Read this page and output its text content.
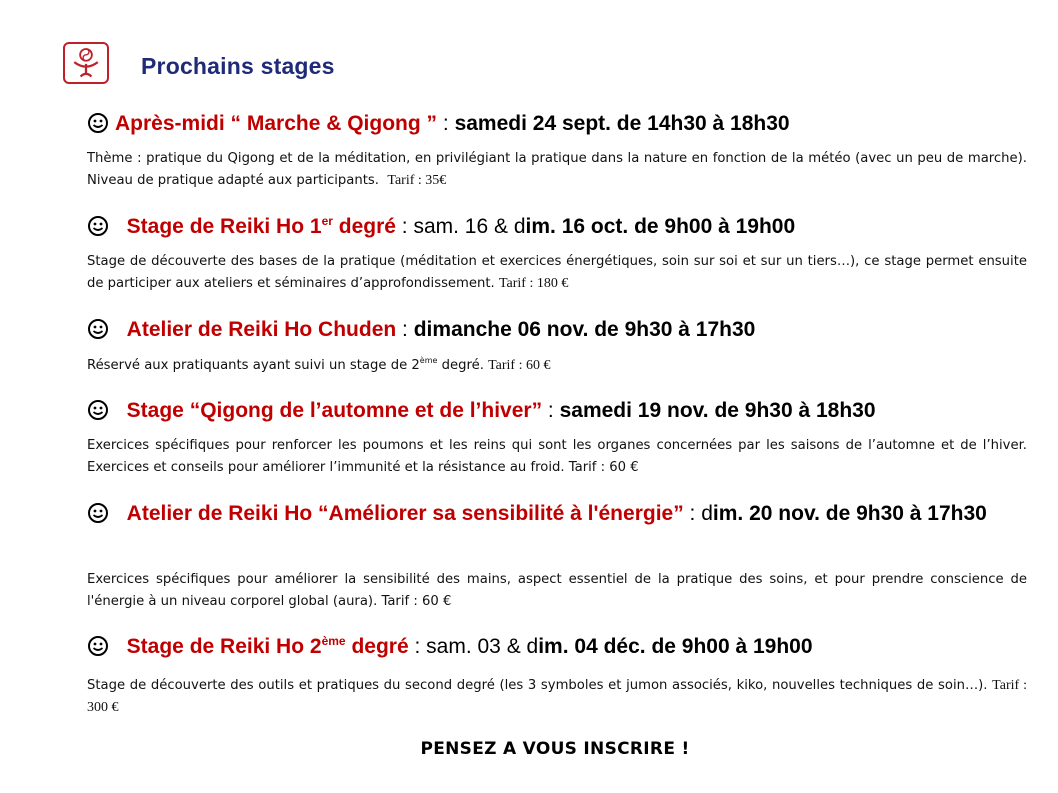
Prochains stages
Après-midi “ Marche & Qigong ” : samedi 24 sept. de 14h30 à 18h30
Thème : pratique du Qigong et de la méditation, en privilégiant la pratique dans la nature en fonction de la météo (avec un peu de marche). Niveau de pratique adapté aux participants. Tarif : 35€
Stage de Reiki Ho 1er degré : sam. 16 & dim. 16 oct. de 9h00 à 19h00
Stage de découverte des bases de la pratique (méditation et exercices énergétiques, soin sur soi et sur un tiers…), ce stage permet ensuite de participer aux ateliers et séminaires d’approfondissement. Tarif : 180 €
Atelier de Reiki Ho Chuden : dimanche 06 nov. de 9h30 à 17h30
Réservé aux pratiquants ayant suivi un stage de 2ème degré. Tarif : 60 €
Stage “Qigong de l’automne et de l’hiver” : samedi 19 nov. de 9h30 à 18h30
Exercices spécifiques pour renforcer les poumons et les reins qui sont les organes concernées par les saisons de l’automne et de l’hiver. Exercices et conseils pour améliorer l’immunité et la résistance au froid. Tarif : 60 €
Atelier de Reiki Ho “Améliorer sa sensibilité à l'énergie” : dim. 20 nov. de 9h30 à 17h30
Exercices spécifiques pour améliorer la sensibilité des mains, aspect essentiel de la pratique des soins, et pour prendre conscience de l'énergie à un niveau corporel global (aura). Tarif : 60 €
Stage de Reiki Ho 2ème degré : sam. 03 & dim. 04 déc. de 9h00 à 19h00
Stage de découverte des outils et pratiques du second degré (les 3 symboles et jumon associés, kiko, nouvelles techniques de soin…). Tarif : 300 €
PENSEZ A VOUS INSCRIRE !
